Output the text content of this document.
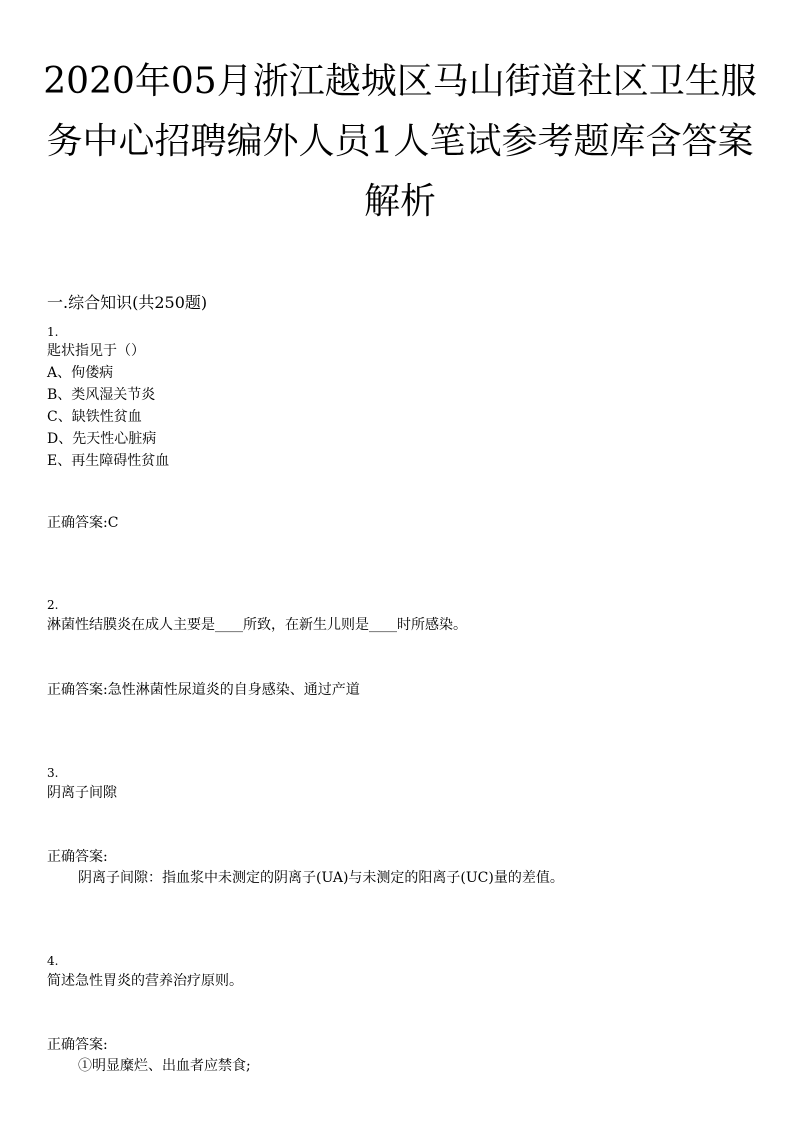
2020年05月浙江越城区马山街道社区卫生服
务中心招聘编外人员1人笔试参考题库含答案
解析
一.综合知识(共250题)
1.
匙状指见于（）
A、佝偻病
B、类风湿关节炎
C、缺铁性贫血
D、先天性心脏病
E、再生障碍性贫血
正确答案:C
2.
淋菌性结膜炎在成人主要是____所致，在新生儿则是____时所感染。
正确答案:急性淋菌性尿道炎的自身感染、通过产道
3.
阴离子间隙
正确答案:
阴离子间隙：指血浆中未测定的阴离子(UA)与未测定的阳离子(UC)量的差值。
4.
简述急性胃炎的营养治疗原则。
正确答案:
①明显糜烂、出血者应禁食;
